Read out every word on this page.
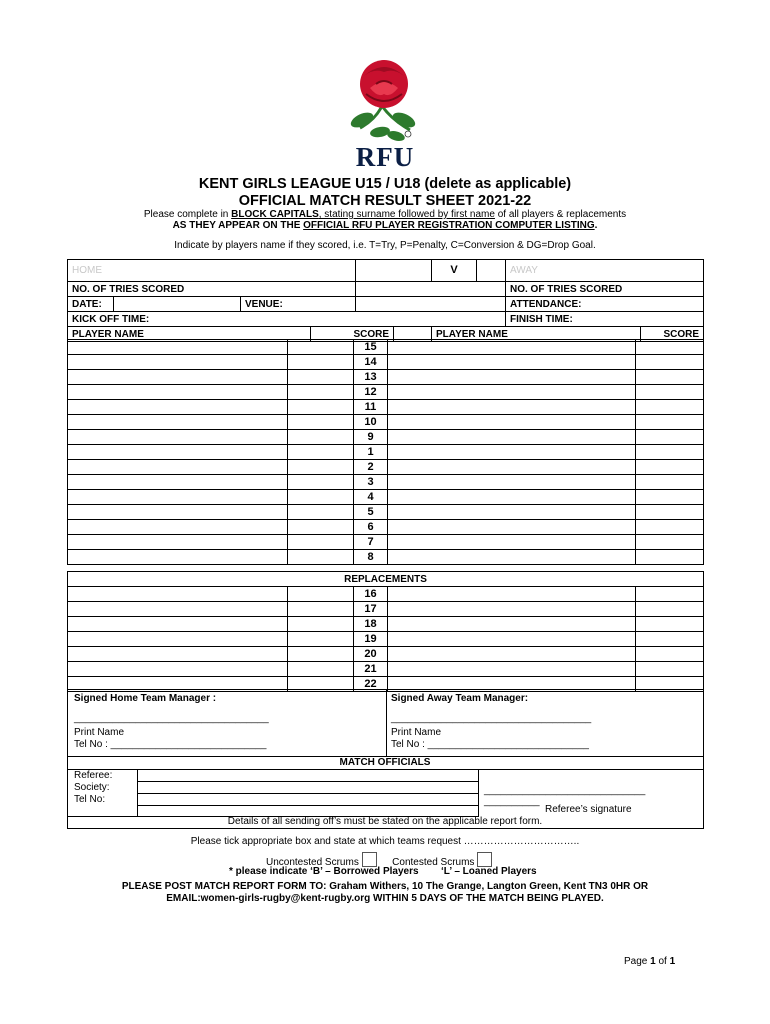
RFU
KENT GIRLS LEAGUE U15 / U18 (delete as applicable)
OFFICIAL MATCH RESULT SHEET 2021-22
Please complete in BLOCK CAPITALS, stating surname followed by first name of all players & replacements
AS THEY APPEAR ON THE OFFICIAL RFU PLAYER REGISTRATION COMPUTER LISTING.
Indicate by players name if they scored, i.e. T=Try, P=Penalty, C=Conversion & DG=Drop Goal.
HOME						V		AWAY	
NO. OF TRIES SCORED								NO. OF TRIES SCORED	
DATE:		VENUE:						ATTENDANCE:	
KICK OFF TIME:								FINISH TIME:	
PLAYER NAME			SCORE			PLAYER NAME			SCORE
		15		
		14		
		13		
		12		
		11		
		10		
		9		
		1		
		2		
		3		
		4		
		5		
		6		
		7		
		8		
REPLACEMENTS				
		16		
		17		
		18		
		19		
		20		
		21		
		22		
Signed Home Team Manager :	Signed Away Team Manager:
___________________________________	____________________________________
Print Name	Print Name
Tel No : ____________________________	Tel No : _____________________________
MATCH OFFICIALS
Referee:
Society:
Tel No:
_____________________________
__________
Referee’s signature
Details of all sending off’s must be stated on the applicable report form.
Please tick appropriate box and state at which teams request ……………………………..
Uncontested Scrums	Contested Scrums
* please indicate ‘B’ – Borrowed Players ‘L’ – Loaned Players
PLEASE POST MATCH REPORT FORM TO: Graham Withers, 10 The Grange, Langton Green, Kent TN3 0HR OR
EMAIL:women-girls-rugby@kent-rugby.org WITHIN 5 DAYS OF THE MATCH BEING PLAYED.
Page 1 of 1
